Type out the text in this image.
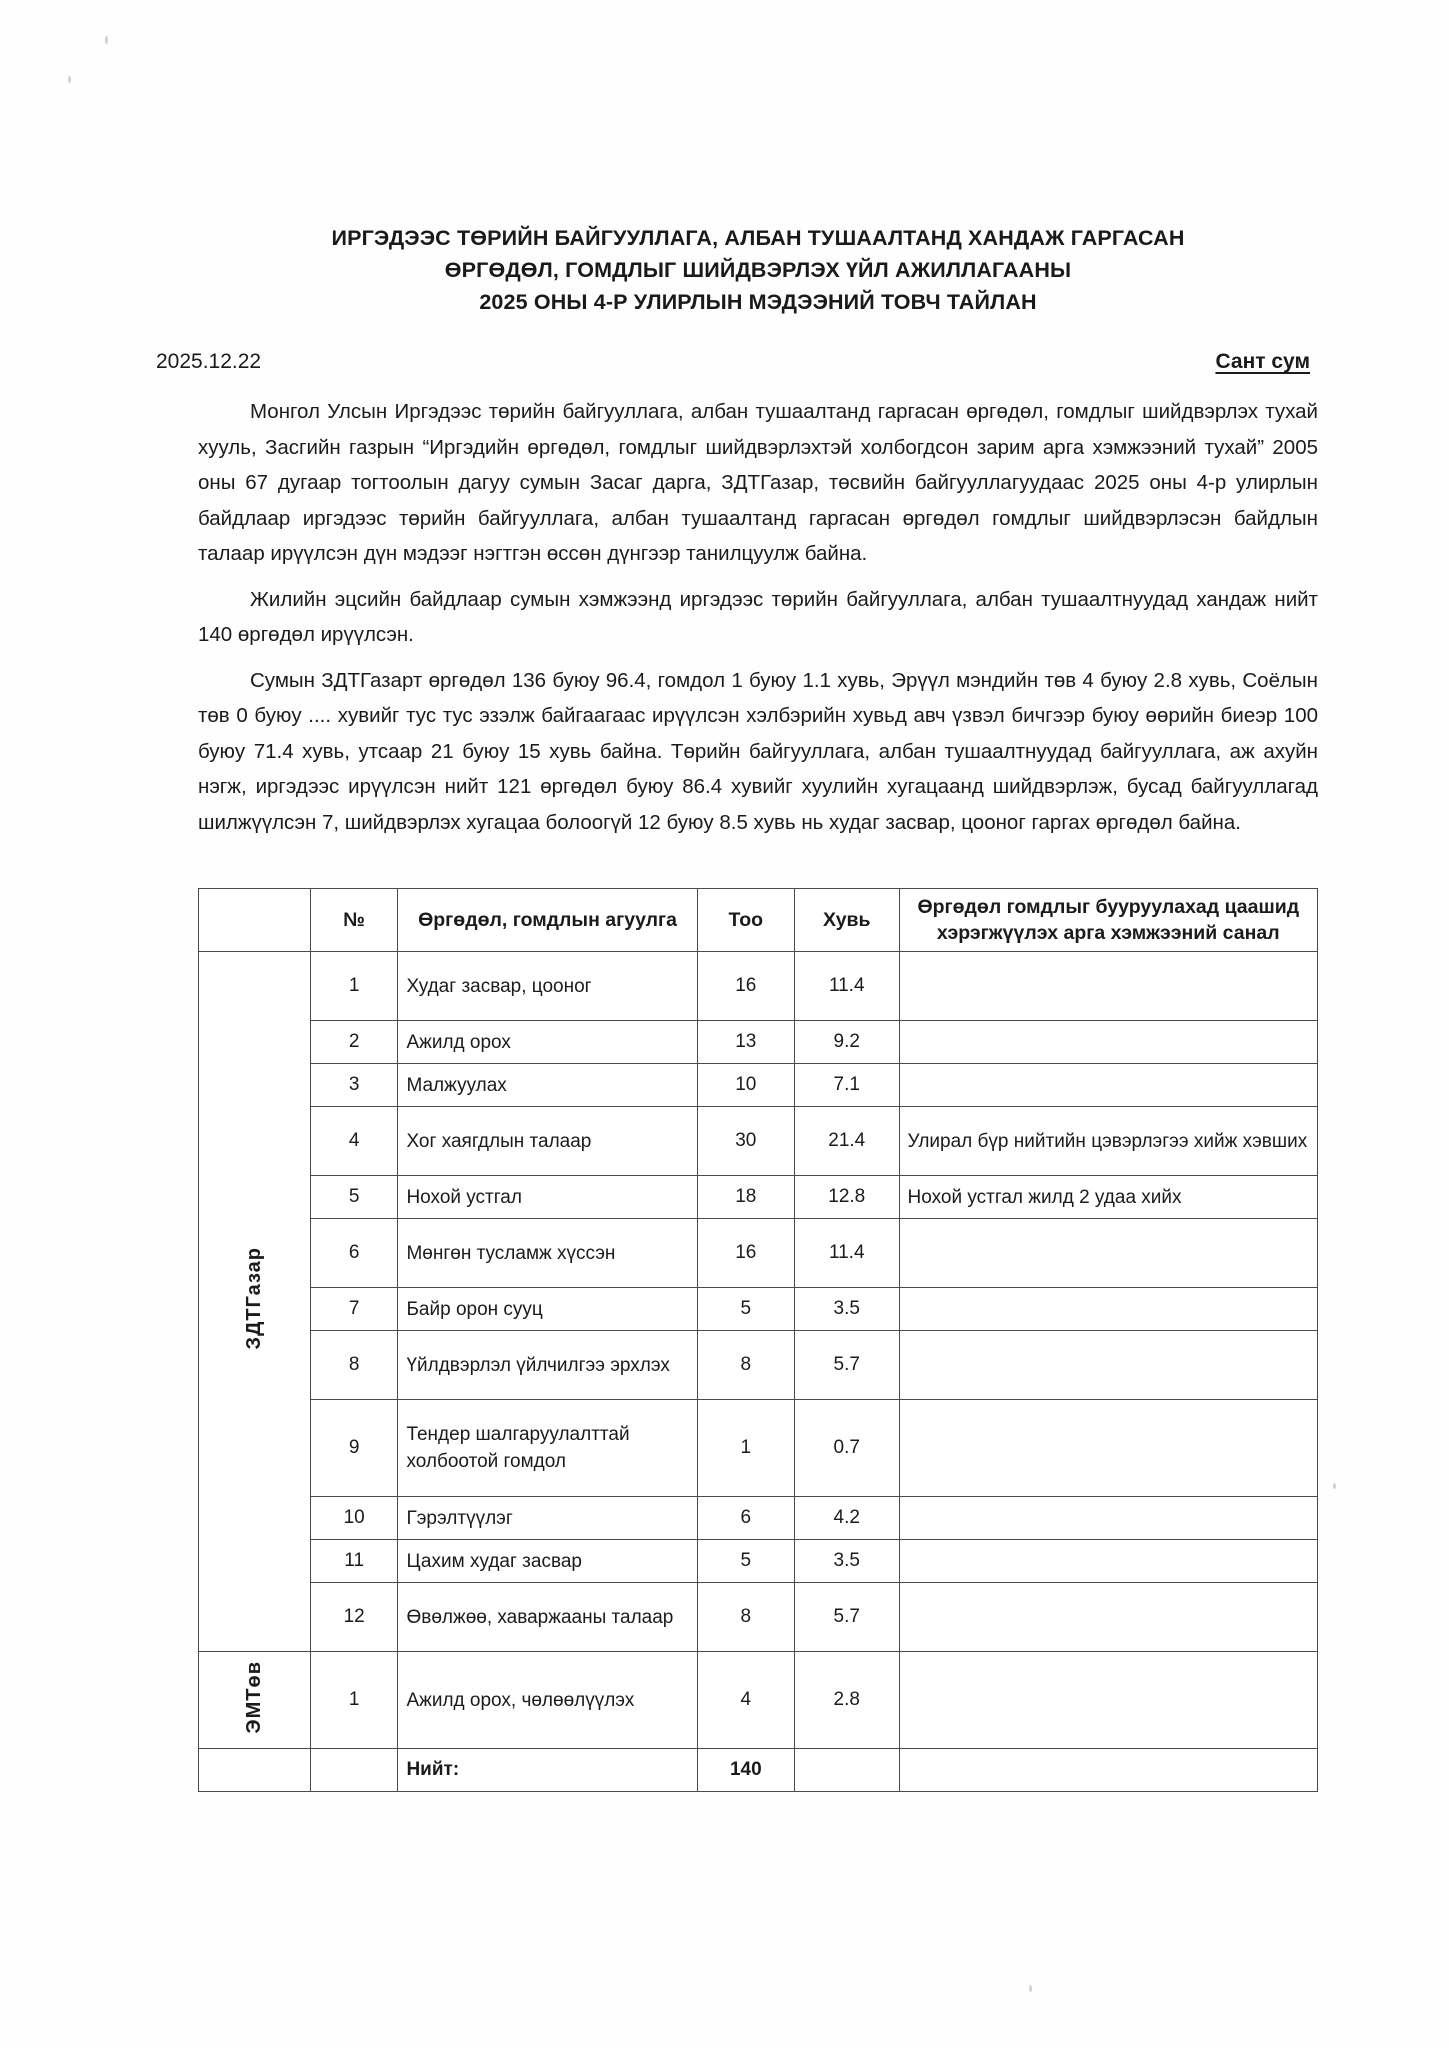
ИРГЭДЭЭС ТӨРИЙН БАЙГУУЛЛАГА, АЛБАН ТУШААЛТАНД ХАНДАЖ ГАРГАСАН
ӨРГӨДӨЛ, ГОМДЛЫГ ШИЙДВЭРЛЭХ ҮЙЛ АЖИЛЛАГААНЫ
2025 ОНЫ 4-Р УЛИРЛЫН МЭДЭЭНИЙ ТОВЧ ТАЙЛАН
2025.12.22	Сант сум

Монгол Улсын Иргэдээс төрийн байгууллага, албан тушаалтанд гаргасан өргөдөл, гомдлыг шийдвэрлэх тухай хууль, Засгийн газрын “Иргэдийн өргөдөл, гомдлыг шийдвэрлэхтэй холбогдсон зарим арга хэмжээний тухай” 2005 оны 67 дугаар тогтоолын дагуу сумын Засаг дарга, ЗДТГазар, төсвийн байгууллагуудаас 2025 оны 4-р улирлын байдлаар иргэдээс төрийн байгууллага, албан тушаалтанд гаргасан өргөдөл гомдлыг шийдвэрлэсэн байдлын талаар ирүүлсэн дүн мэдээг нэгтгэн өссөн дүнгээр танилцуулж байна.

Жилийн эцсийн байдлаар сумын хэмжээнд иргэдээс төрийн байгууллага, албан тушаалтнуудад хандаж нийт 140 өргөдөл ирүүлсэн.

Сумын ЗДТГазарт өргөдөл 136 буюу 96.4, гомдол 1 буюу 1.1 хувь, Эрүүл мэндийн төв 4 буюу 2.8 хувь, Соёлын төв 0 буюу .... хувийг тус тус эзэлж байгаагаас ирүүлсэн хэлбэрийн хувьд авч үзвэл бичгээр буюу өөрийн биеэр 100 буюу 71.4 хувь, утсаар 21 буюу 15 хувь байна. Төрийн байгууллага, албан тушаалтнуудад байгууллага, аж ахуйн нэгж, иргэдээс ирүүлсэн нийт 121 өргөдөл буюу 86.4 хувийг хуулийн хугацаанд шийдвэрлэж, бусад байгууллагад шилжүүлсэн 7, шийдвэрлэх хугацаа болоогүй 12 буюу 8.5 хувь нь худаг засвар, цооног гаргах өргөдөл байна.

	№	Өргөдөл, гомдлын агуулга	Тоо	Хувь	Өргөдөл гомдлыг бууруулахад цаашид хэрэгжүүлэх арга хэмжээний санал
ЗДТГазар	1	Худаг засвар, цооног	16	11.4	
	2	Ажилд орох	13	9.2	
	3	Малжуулах	10	7.1	
	4	Хог хаягдлын талаар	30	21.4	Улирал бүр нийтийн цэвэрлэгээ хийж хэвших
	5	Нохой устгал	18	12.8	Нохой устгал жилд 2 удаа хийх
	6	Мөнгөн тусламж хүссэн	16	11.4	
	7	Байр орон сууц	5	3.5	
	8	Үйлдвэрлэл үйлчилгээ эрхлэх	8	5.7	
	9	Тендер шалгаруулалттай холбоотой гомдол	1	0.7	
	10	Гэрэлтүүлэг	6	4.2	
	11	Цахим худаг засвар	5	3.5	
	12	Өвөлжөө, хаваржааны талаар	8	5.7	
ЭМТөв	1	Ажилд орох, чөлөөлүүлэх	4	2.8	
		Нийт:	140		
